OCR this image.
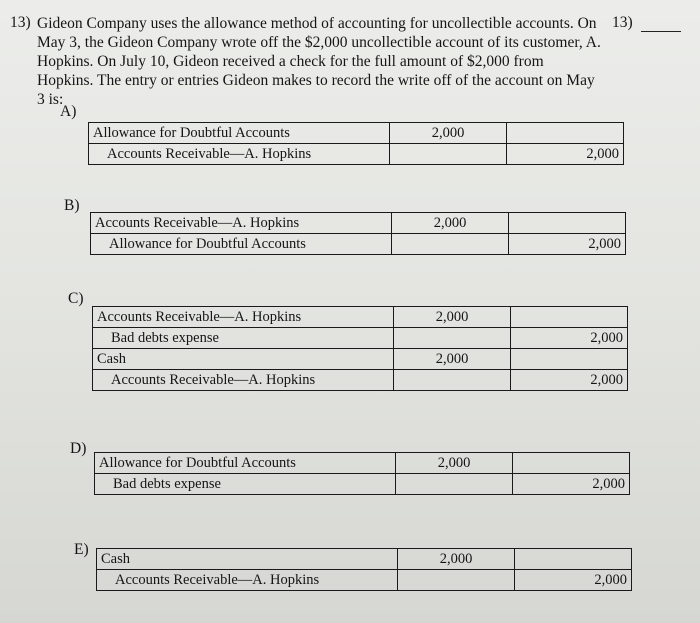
13) Gideon Company uses the allowance method of accounting for uncollectible accounts. On May 3, the Gideon Company wrote off the $2,000 uncollectible account of its customer, A. Hopkins. On July 10, Gideon received a check for the full amount of $2,000 from Hopkins. The entry or entries Gideon makes to record the write off of the account on May 3 is:

13)
A)
Allowance for Doubtful Accounts	2,000	
Accounts Receivable—A. Hopkins		2,000
B)
Accounts Receivable—A. Hopkins	2,000	
Allowance for Doubtful Accounts		2,000
C)
Accounts Receivable—A. Hopkins	2,000	
Bad debts expense		2,000
Cash	2,000	
Accounts Receivable—A. Hopkins		2,000
D)
Allowance for Doubtful Accounts	2,000	
Bad debts expense		2,000
E)
Cash	2,000	
Accounts Receivable—A. Hopkins		2,000
